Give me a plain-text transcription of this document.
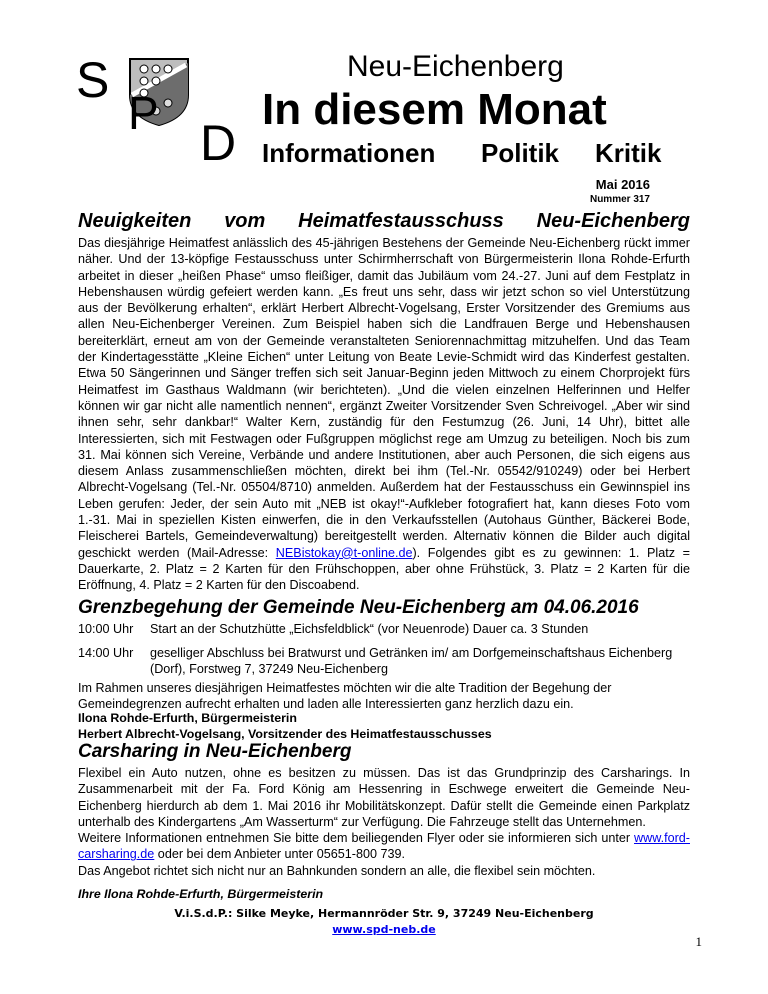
S
P
D
Neu-Eichenberg
In diesem Monat
Informationen Politik Kritik
Mai 2016
Nummer 317
Neuigkeiten vom Heimatfestausschuss Neu-Eichenberg
Das diesjährige Heimatfest anlässlich des 45-jährigen Bestehens der Gemeinde Neu-Eichenberg rückt immer näher. Und der 13-köpfige Festausschuss unter Schirmherrschaft von Bürgermeisterin Ilona Rohde-Erfurth arbeitet in dieser „heißen Phase“ umso fleißiger, damit das Jubiläum vom 24.-27. Juni auf dem Festplatz in Hebenshausen würdig gefeiert werden kann. „Es freut uns sehr, dass wir jetzt schon so viel Unterstützung aus der Bevölkerung erhalten“, erklärt Herbert Albrecht-Vogelsang, Erster Vorsitzender des Gremiums aus allen Neu-Eichenberger Vereinen. Zum Beispiel haben sich die Landfrauen Berge und Hebenshausen bereiterklärt, erneut am von der Gemeinde veranstalteten Seniorennachmittag mitzuhelfen. Und das Team der Kindertagesstätte „Kleine Eichen“ unter Leitung von Beate Levie-Schmidt wird das Kinderfest gestalten. Etwa 50 Sängerinnen und Sänger treffen sich seit Januar-Beginn jeden Mittwoch zu einem Chorprojekt fürs Heimatfest im Gasthaus Waldmann (wir berichteten). „Und die vielen einzelnen Helferinnen und Helfer können wir gar nicht alle namentlich nennen“, ergänzt Zweiter Vorsitzender Sven Schreivogel. „Aber wir sind ihnen sehr, sehr dankbar!“ Walter Kern, zuständig für den Festumzug (26. Juni, 14 Uhr), bittet alle Interessierten, sich mit Festwagen oder Fußgruppen möglichst rege am Umzug zu beteiligen. Noch bis zum 31. Mai können sich Vereine, Verbände und andere Institutionen, aber auch Personen, die sich eigens aus diesem Anlass zusammenschließen möchten, direkt bei ihm (Tel.-Nr. 05542/910249) oder bei Herbert Albrecht-Vogelsang (Tel.-Nr. 05504/8710) anmelden. Außerdem hat der Festausschuss ein Gewinnspiel ins Leben gerufen: Jeder, der sein Auto mit „NEB ist okay!“-Aufkleber fotografiert hat, kann dieses Foto vom 1.-31. Mai in speziellen Kisten einwerfen, die in den Verkaufsstellen (Autohaus Günther, Bäckerei Bode, Fleischerei Bartels, Gemeindeverwaltung) bereitgestellt werden. Alternativ können die Bilder auch digital geschickt werden (Mail-Adresse: NEBistokay@t-online.de). Folgendes gibt es zu gewinnen: 1. Platz = Dauerkarte, 2. Platz = 2 Karten für den Frühschoppen, aber ohne Frühstück, 3. Platz = 2 Karten für die Eröffnung, 4. Platz = 2 Karten für den Discoabend.
Grenzbegehung der Gemeinde Neu-Eichenberg am 04.06.2016
10:00 Uhr	Start an der Schutzhütte „Eichsfeldblick“ (vor Neuenrode) Dauer ca. 3 Stunden
14:00 Uhr	geselliger Abschluss bei Bratwurst und Getränken im/ am Dorfgemeinschaftshaus Eichenberg (Dorf), Forstweg 7, 37249 Neu-Eichenberg
Im Rahmen unseres diesjährigen Heimatfestes möchten wir die alte Tradition der Begehung der Gemeindegrenzen aufrecht erhalten und laden alle Interessierten ganz herzlich dazu ein.
Ilona Rohde-Erfurth, Bürgermeisterin
Herbert Albrecht-Vogelsang, Vorsitzender des Heimatfestausschusses
Carsharing in Neu-Eichenberg
Flexibel ein Auto nutzen, ohne es besitzen zu müssen. Das ist das Grundprinzip des Carsharings. In Zusammenarbeit mit der Fa. Ford König am Hessenring in Eschwege erweitert die Gemeinde Neu-Eichenberg hierdurch ab dem 1. Mai 2016 ihr Mobilitätskonzept. Dafür stellt die Gemeinde einen Parkplatz unterhalb des Kindergartens „Am Wasserturm“ zur Verfügung. Die Fahrzeuge stellt das Unternehmen.
Weitere Informationen entnehmen Sie bitte dem beiliegenden Flyer oder sie informieren sich unter www.ford-carsharing.de oder bei dem Anbieter unter 05651-800 739.
Das Angebot richtet sich nicht nur an Bahnkunden sondern an alle, die flexibel sein möchten.
Ihre Ilona Rohde-Erfurth, Bürgermeisterin
V.i.S.d.P.: Silke Meyke, Hermannröder Str. 9, 37249 Neu-Eichenberg
www.spd-neb.de
1
